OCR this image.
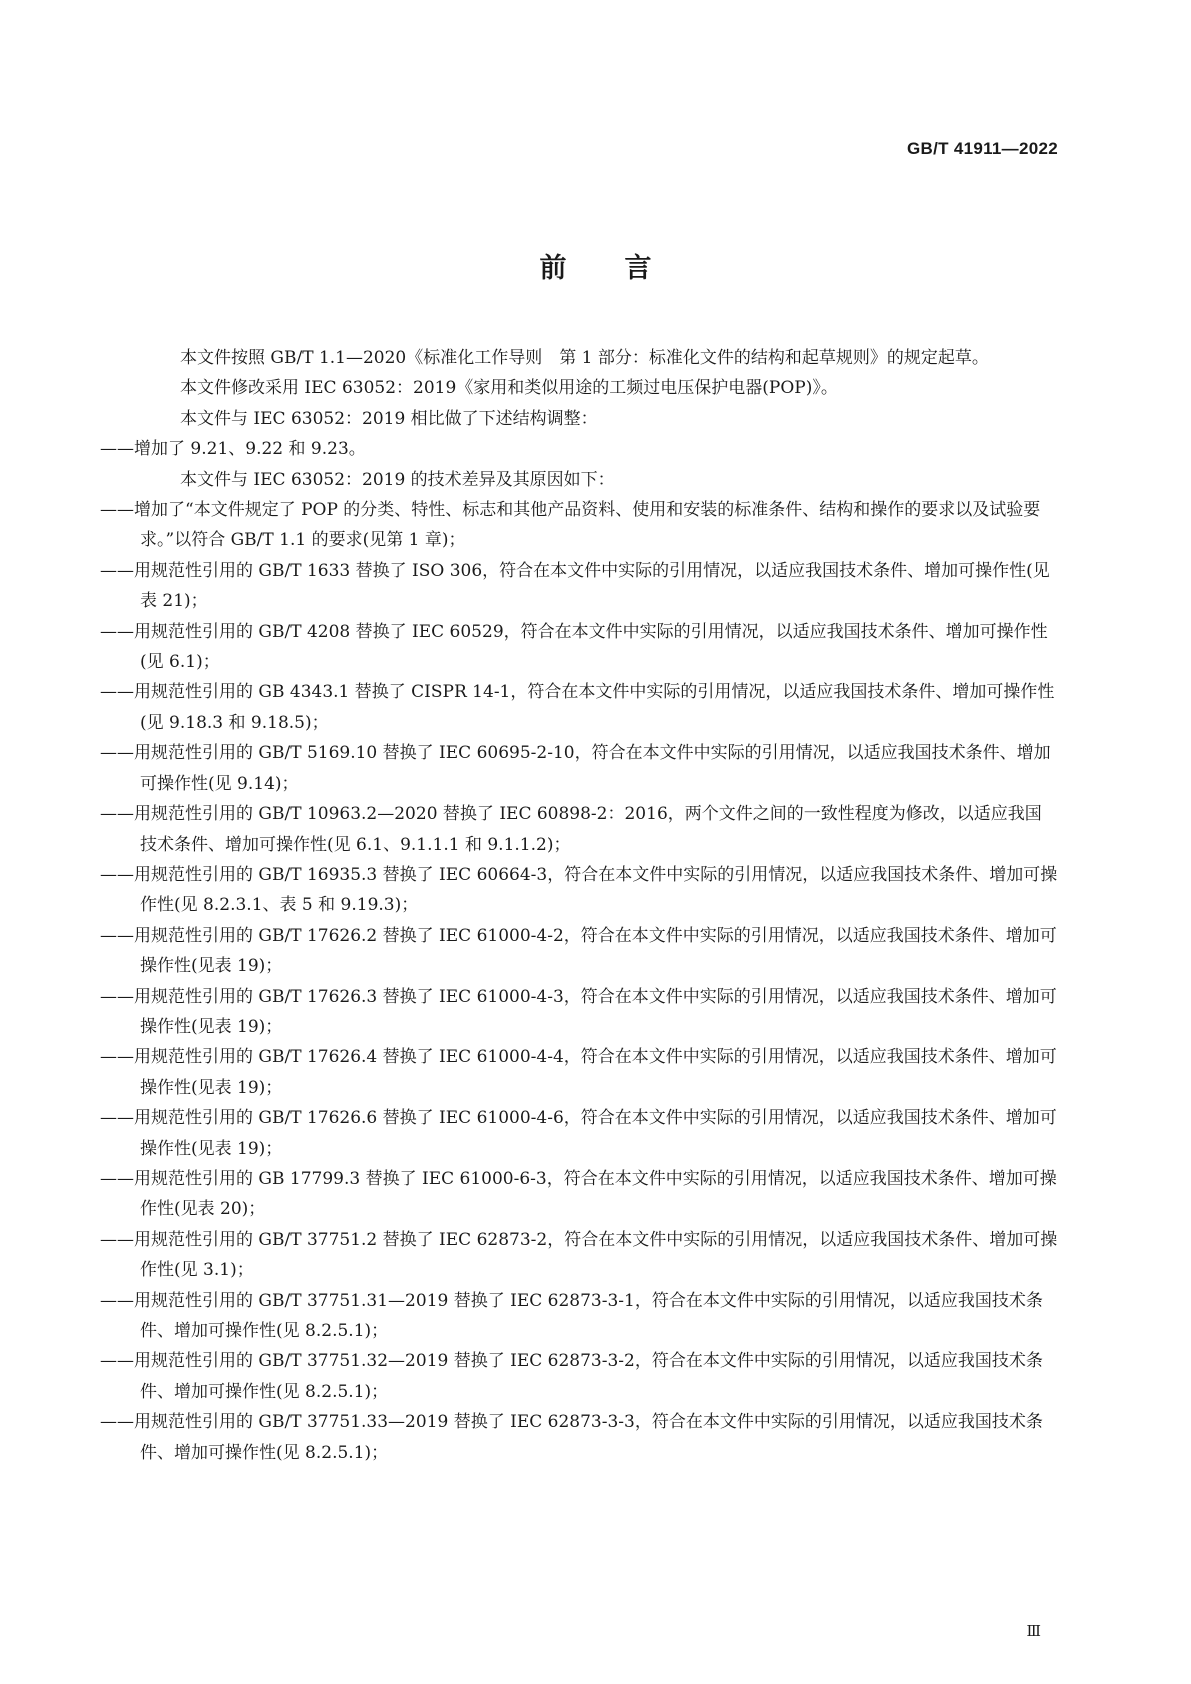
GB/T 41911—2022
前言

本文件按照 GB/T 1.1—2020《标准化工作导则　第 1 部分：标准化文件的结构和起草规则》的规定起草。

本文件修改采用 IEC 63052：2019《家用和类似用途的工频过电压保护电器(POP)》。

本文件与 IEC 63052：2019 相比做了下述结构调整：

——增加了 9.21、9.22 和 9.23。

本文件与 IEC 63052：2019 的技术差异及其原因如下：

——增加了“本文件规定了 POP 的分类、特性、标志和其他产品资料、使用和安装的标准条件、结构和操作的要求以及试验要求。”以符合 GB/T 1.1 的要求(见第 1 章)；

——用规范性引用的 GB/T 1633 替换了 ISO 306，符合在本文件中实际的引用情况，以适应我国技术条件、增加可操作性(见表 21)；

——用规范性引用的 GB/T 4208 替换了 IEC 60529，符合在本文件中实际的引用情况，以适应我国技术条件、增加可操作性(见 6.1)；

——用规范性引用的 GB 4343.1 替换了 CISPR 14-1，符合在本文件中实际的引用情况，以适应我国技术条件、增加可操作性(见 9.18.3 和 9.18.5)；

——用规范性引用的 GB/T 5169.10 替换了 IEC 60695-2-10，符合在本文件中实际的引用情况，以适应我国技术条件、增加可操作性(见 9.14)；

——用规范性引用的 GB/T 10963.2—2020 替换了 IEC 60898-2：2016，两个文件之间的一致性程度为修改，以适应我国技术条件、增加可操作性(见 6.1、9.1.1.1 和 9.1.1.2)；

——用规范性引用的 GB/T 16935.3 替换了 IEC 60664-3，符合在本文件中实际的引用情况，以适应我国技术条件、增加可操作性(见 8.2.3.1、表 5 和 9.19.3)；

——用规范性引用的 GB/T 17626.2 替换了 IEC 61000-4-2，符合在本文件中实际的引用情况，以适应我国技术条件、增加可操作性(见表 19)；

——用规范性引用的 GB/T 17626.3 替换了 IEC 61000-4-3，符合在本文件中实际的引用情况，以适应我国技术条件、增加可操作性(见表 19)；

——用规范性引用的 GB/T 17626.4 替换了 IEC 61000-4-4，符合在本文件中实际的引用情况，以适应我国技术条件、增加可操作性(见表 19)；

——用规范性引用的 GB/T 17626.6 替换了 IEC 61000-4-6，符合在本文件中实际的引用情况，以适应我国技术条件、增加可操作性(见表 19)；

——用规范性引用的 GB 17799.3 替换了 IEC 61000-6-3，符合在本文件中实际的引用情况，以适应我国技术条件、增加可操作性(见表 20)；

——用规范性引用的 GB/T 37751.2 替换了 IEC 62873-2，符合在本文件中实际的引用情况，以适应我国技术条件、增加可操作性(见 3.1)；

——用规范性引用的 GB/T 37751.31—2019 替换了 IEC 62873-3-1，符合在本文件中实际的引用情况，以适应我国技术条件、增加可操作性(见 8.2.5.1)；

——用规范性引用的 GB/T 37751.32—2019 替换了 IEC 62873-3-2，符合在本文件中实际的引用情况，以适应我国技术条件、增加可操作性(见 8.2.5.1)；

——用规范性引用的 GB/T 37751.33—2019 替换了 IEC 62873-3-3，符合在本文件中实际的引用情况，以适应我国技术条件、增加可操作性(见 8.2.5.1)；

Ⅲ
